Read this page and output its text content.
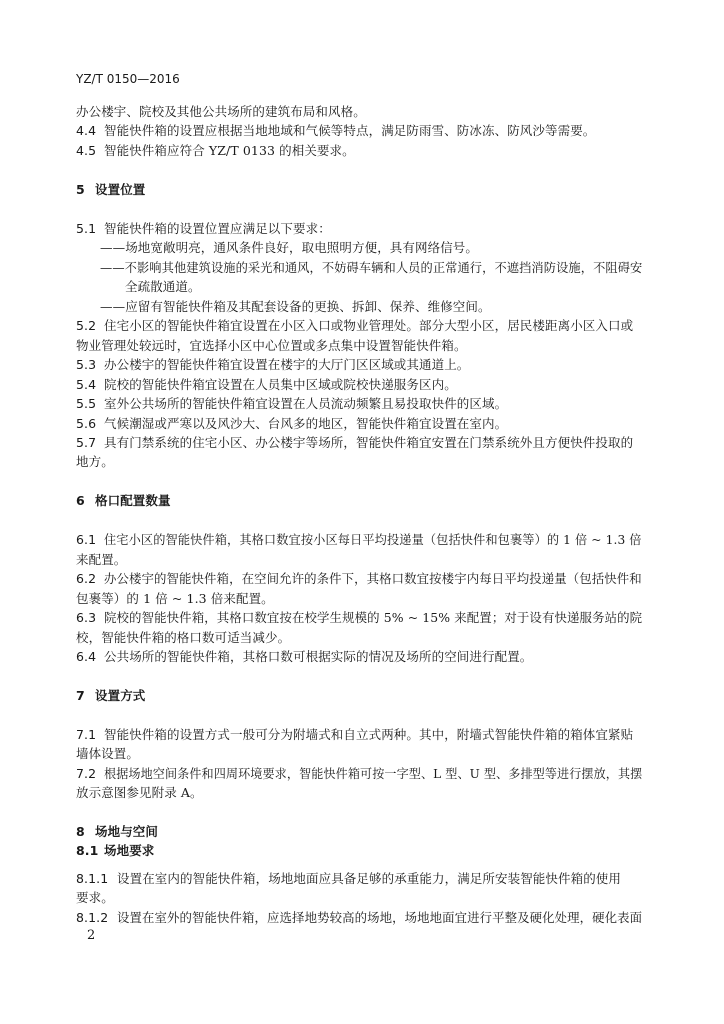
YZ/T 0150—2016
办公楼宇、院校及其他公共场所的建筑布局和风格。
4.4 智能快件箱的设置应根据当地地域和气候等特点，满足防雨雪、防冰冻、防风沙等需要。
4.5 智能快件箱应符合 YZ/T 0133 的相关要求。
5 设置位置
5.1 智能快件箱的设置位置应满足以下要求：
——场地宽敞明亮，通风条件良好，取电照明方便，具有网络信号。
——不影响其他建筑设施的采光和通风，不妨碍车辆和人员的正常通行，不遮挡消防设施，不阻碍安
全疏散通道。
——应留有智能快件箱及其配套设备的更换、拆卸、保养、维修空间。
5.2 住宅小区的智能快件箱宜设置在小区入口或物业管理处。部分大型小区，居民楼距离小区入口或
物业管理处较远时，宜选择小区中心位置或多点集中设置智能快件箱。
5.3 办公楼宇的智能快件箱宜设置在楼宇的大厅门区区域或其通道上。
5.4 院校的智能快件箱宜设置在人员集中区域或院校快递服务区内。
5.5 室外公共场所的智能快件箱宜设置在人员流动频繁且易投取快件的区域。
5.6 气候潮湿或严寒以及风沙大、台风多的地区，智能快件箱宜设置在室内。
5.7 具有门禁系统的住宅小区、办公楼宇等场所，智能快件箱宜安置在门禁系统外且方便快件投取的
地方。
6 格口配置数量
6.1 住宅小区的智能快件箱，其格口数宜按小区每日平均投递量（包括快件和包裹等）的 1 倍 ~ 1.3 倍
来配置。
6.2 办公楼宇的智能快件箱，在空间允许的条件下，其格口数宜按楼宇内每日平均投递量（包括快件和
包裹等）的 1 倍 ~ 1.3 倍来配置。
6.3 院校的智能快件箱，其格口数宜按在校学生规模的 5% ~ 15% 来配置；对于设有快递服务站的院
校，智能快件箱的格口数可适当减少。
6.4 公共场所的智能快件箱，其格口数可根据实际的情况及场所的空间进行配置。
7 设置方式
7.1 智能快件箱的设置方式一般可分为附墙式和自立式两种。其中，附墙式智能快件箱的箱体宜紧贴
墙体设置。
7.2 根据场地空间条件和四周环境要求，智能快件箱可按一字型、L 型、U 型、多排型等进行摆放，其摆
放示意图参见附录 A。
8 场地与空间
8.1 场地要求
8.1.1 设置在室内的智能快件箱，场地地面应具备足够的承重能力，满足所安装智能快件箱的使用
要求。
8.1.2 设置在室外的智能快件箱，应选择地势较高的场地，场地地面宜进行平整及硬化处理，硬化表面
2
